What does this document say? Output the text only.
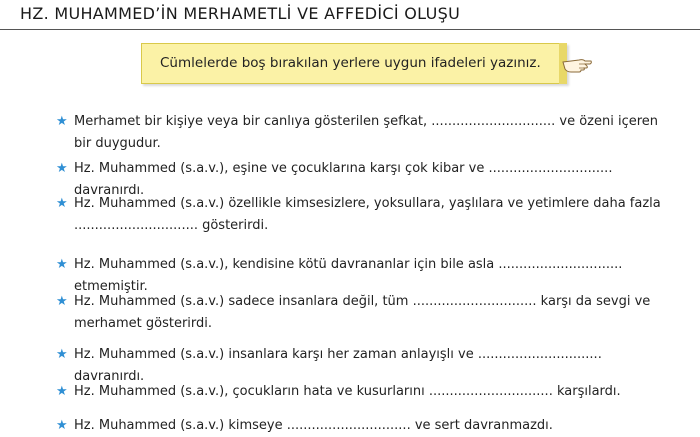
HZ. MUHAMMED’İN MERHAMETLİ VE AFFEDİCİ OLUŞU
Cümlelerde boş bırakılan yerlere uygun ifadeleri yazınız.
★ Merhamet bir kişiye veya bir canlıya gösterilen şefkat, .............................. ve özeni içeren bir duygudur.
★ Hz. Muhammed (s.a.v.), eşine ve çocuklarına karşı çok kibar ve .............................. davranırdı.
★ Hz. Muhammed (s.a.v.) özellikle kimsesizlere, yoksullara, yaşlılara ve yetimlere daha fazla .............................. gösterirdi.
★ Hz. Muhammed (s.a.v.), kendisine kötü davrananlar için bile asla .............................. etmemiştir.
★ Hz. Muhammed (s.a.v.) sadece insanlara değil, tüm .............................. karşı da sevgi ve merhamet gösterirdi.
★ Hz. Muhammed (s.a.v.) insanlara karşı her zaman anlayışlı ve .............................. davranırdı.
★ Hz. Muhammed (s.a.v.), çocukların hata ve kusurlarını .............................. karşılardı.
★ Hz. Muhammed (s.a.v.) kimseye .............................. ve sert davranmazdı.
